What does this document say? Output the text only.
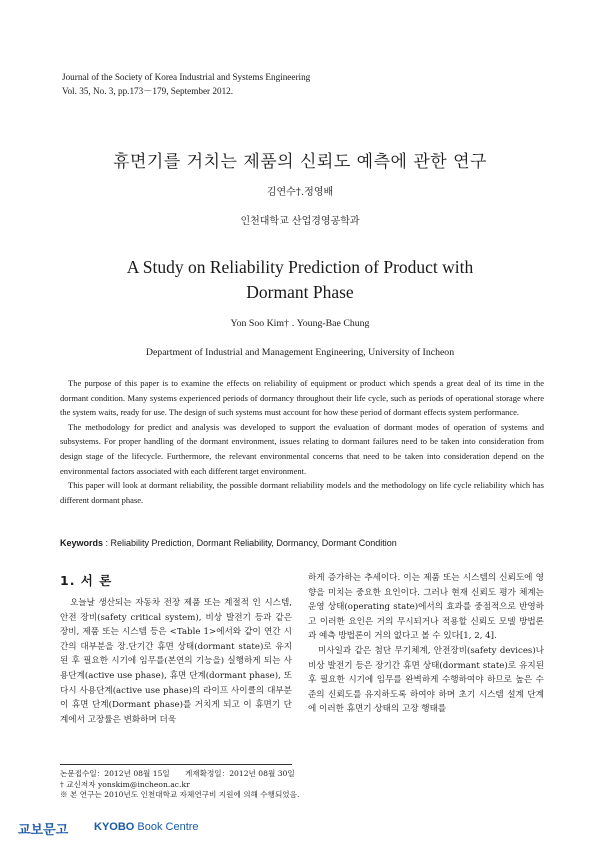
Journal of the Society of Korea Industrial and Systems Engineering
Vol. 35, No. 3, pp.173－179, September 2012.
휴면기를 거치는 제품의 신뢰도 예측에 관한 연구
김연수†․정영배
인천대학교 산업경영공학과
A Study on Reliability Prediction of Product with
Dormant Phase
Yon Soo Kim† ․ Young-Bae Chung
Department of Industrial and Management Engineering, University of Incheon

The purpose of this paper is to examine the effects on reliability of equipment or product which spends a great deal of its time in the dormant condition. Many systems experienced periods of dormancy throughout their life cycle, such as periods of operational storage where the system waits, ready for use. The design of such systems must account for how these period of dormant effects system performance.

The methodology for predict and analysis was developed to support the evaluation of dormant modes of operation of systems and subsystems. For proper handling of the dormant environment, issues relating to dormant failures need to be taken into consideration from design stage of the lifecycle. Furthermore, the relevant environmental concerns that need to be taken into consideration depend on the environmental factors associated with each different target environment.

This paper will look at dormant reliability, the possible dormant reliability models and the methodology on life cycle reliability which has different dormant phase.

Keywords : Reliability Prediction, Dormant Reliability, Dormancy, Dormant Condition
1. 서 론

오늘날 생산되는 자동차 전장 제품 또는 계절적 인 시스템, 안전 장비(safety critical system), 비상 발전기 등과 같은 장비, 제품 또는 시스템 등은 <Table 1>에서와 같이 연간 시간의 대부분을 장․단기간 휴면 상태(dormant state)로 유지된 후 필요한 시기에 임무를(본연의 기능을) 실행하게 되는 사용단계(active use phase), 휴면 단계(dormant phase), 또 다시 사용단계(active use phase)의 라이프 사이클의 대부분이 휴면 단계(Dormant phase)를 거치게 되고 이 휴면기 단계에서 고장률은 변화하며 더욱

하게 증가하는 추세이다. 이는 제품 또는 시스템의 신뢰도에 영향을 미치는 중요한 요인이다. 그러나 현재 신뢰도 평가 체계는 운영 상태(operating state)에서의 효과를 중점적으로 반영하고 이러한 요인은 거의 무시되거나 적용할 신뢰도 모델 방법론과 예측 방법론이 거의 없다고 볼 수 있다[1, 2, 4].

미사일과 같은 첨단 무기체계, 안전장비(safety devices)나 비상 발전기 등은 장기간 휴면 상태(dormant state)로 유지된 후 필요한 시기에 임무를 완벽하게 수행하여야 하므로 높은 수준의 신뢰도를 유지하도록 하여야 하며 초기 시스템 설계 단계에 이러한 휴면기 상태의 고장 행태를

논문접수일：2012년 08월 15일　　게재확정일：2012년 08월 30일
† 교신저자 yonskim@incheon.ac.kr
※ 본 연구는 2010년도 인천대학교 자체연구비 지원에 의해 수행되었음.
교보문고 KYOBO Book Centre
